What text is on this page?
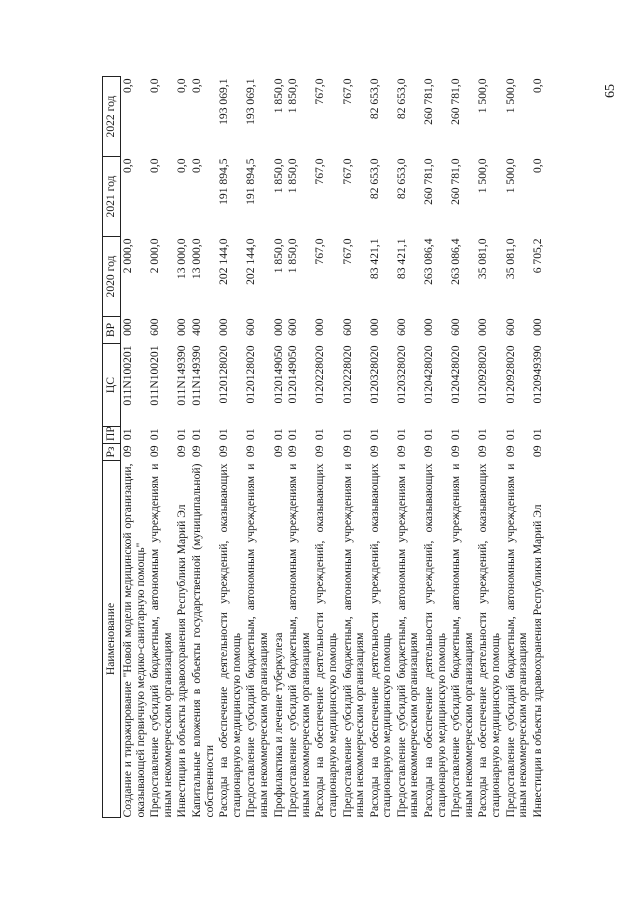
65
Наименование	Рз	ПР	ЦС	ВР	2020 год	2021 год	2022 год
Создание и тиражирование "Новой модели медицинской организации, оказывающей первичную медико-санитарную помощь"	09	01	011N100201	000	2 000,0	0,0	0,0
Предоставление субсидий бюджетным, автономным учреждениям и иным некоммерческим организациям	09	01	011N100201	600	2 000,0	0,0	0,0
Инвестиции в объекты здравоохранения Республики Марий Эл	09	01	011N149390	000	13 000,0	0,0	0,0
Капитальные вложения в объекты государственной (муниципальной) собственности	09	01	011N149390	400	13 000,0	0,0	0,0
Расходы на обеспечение деятельности учреждений, оказывающих стационарную медицинскую помощь	09	01	0120128020	000	202 144,0	191 894,5	193 069,1
Предоставление субсидий бюджетным, автономным учреждениям и иным некоммерческим организациям	09	01	0120128020	600	202 144,0	191 894,5	193 069,1
Профилактика и лечение туберкулеза	09	01	0120149050	000	1 850,0	1 850,0	1 850,0
Предоставление субсидий бюджетным, автономным учреждениям и иным некоммерческим организациям	09	01	0120149050	600	1 850,0	1 850,0	1 850,0
Расходы на обеспечение деятельности учреждений, оказывающих стационарную медицинскую помощь	09	01	0120228020	000	767,0	767,0	767,0
Предоставление субсидий бюджетным, автономным учреждениям и иным некоммерческим организациям	09	01	0120228020	600	767,0	767,0	767,0
Расходы на обеспечение деятельности учреждений, оказывающих стационарную медицинскую помощь	09	01	0120328020	000	83 421,1	82 653,0	82 653,0
Предоставление субсидий бюджетным, автономным учреждениям и иным некоммерческим организациям	09	01	0120328020	600	83 421,1	82 653,0	82 653,0
Расходы на обеспечение деятельности учреждений, оказывающих стационарную медицинскую помощь	09	01	0120428020	000	263 086,4	260 781,0	260 781,0
Предоставление субсидий бюджетным, автономным учреждениям и иным некоммерческим организациям	09	01	0120428020	600	263 086,4	260 781,0	260 781,0
Расходы на обеспечение деятельности учреждений, оказывающих стационарную медицинскую помощь	09	01	0120928020	000	35 081,0	1 500,0	1 500,0
Предоставление субсидий бюджетным, автономным учреждениям и иным некоммерческим организациям	09	01	0120928020	600	35 081,0	1 500,0	1 500,0
Инвестиции в объекты здравоохранения Республики Марий Эл	09	01	0120949390	000	6 705,2	0,0	0,0
